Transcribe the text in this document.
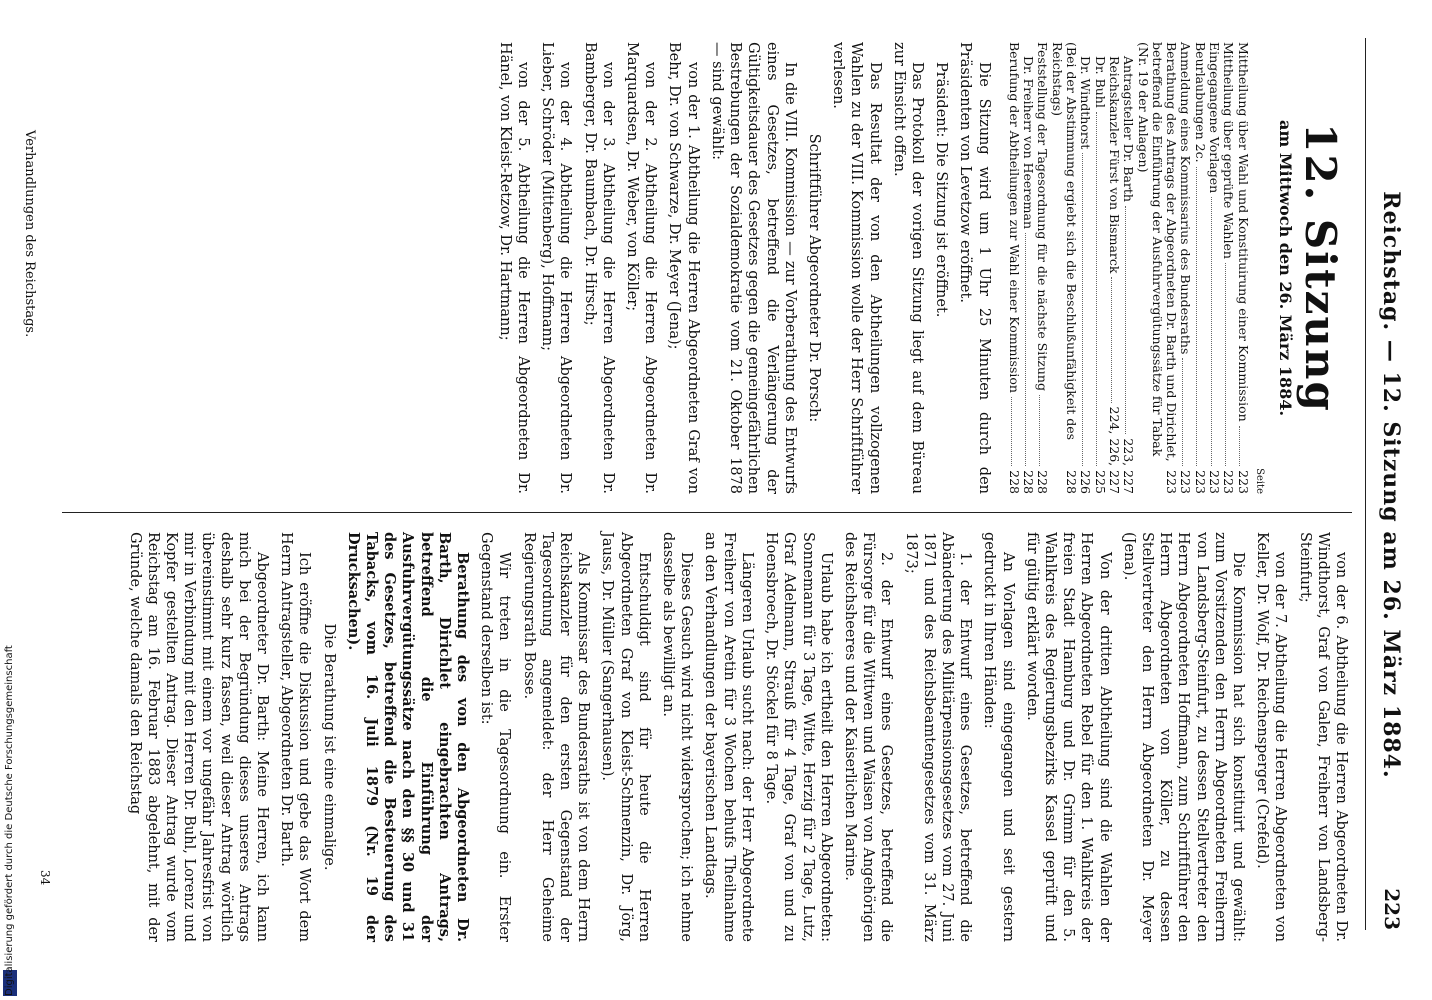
Digitalisierung gefördert durch die Deutsche Forschungsgemeinschaft
Reichstag. — 12. Sitzung am 26. März 1884.
223
12. Sitzung
am Mittwoch den 26. März 1884.
Seite
Mittheilung über Wahl und Konstituirung einer Kommission
223
Mittheilung über geprüfte Wahlen
223
Eingegangene Vorlagen
223
Beurlaubungen 2c.
223
Anmeldung eines Kommissarius des Bundesraths
223
Berathung des Antrags der Abgeordneten Dr. Barth und Dirichlet, betreffend die Einführung der Ausfuhrvergütungssätze für Tabak (Nr. 19 der Anlagen)
223
Antragsteller Dr. Barth
223, 227
Reichskanzler Fürst von Bismarck
224, 226, 227
Dr. Buhl
225
Dr. Windthorst
226
(Bei der Abstimmung ergiebt sich die Beschlußunfähigkeit des Reichstags)
228
Feststellung der Tagesordnung für die nächste Sitzung
228
Dr. Freiherr von Heereman
228
Berufung der Abtheilungen zur Wahl einer Kommission
228

Die Sitzung wird um 1 Uhr 25 Minuten durch den Präsidenten von Levetzow eröffnet.

Präsident: Die Sitzung ist eröffnet.

Das Protokoll der vorigen Sitzung liegt auf dem Büreau zur Einsicht offen.

Das Resultat der von den Abtheilungen vollzogenen Wahlen zu der VIII. Kommission wolle der Herr Schriftführer verlesen.

Schriftführer Abgeordneter Dr. Porsch:

In die VIII. Kommission — zur Vorberathung des Entwurfs eines Gesetzes, betreffend die Verlängerung der Gültigkeitsdauer des Gesetzes gegen die gemeingefährlichen Bestrebungen der Sozialdemokratie vom 21. Oktober 1878 — sind gewählt:

von der 1. Abtheilung die Herren Abgeordneten Graf von Behr, Dr. von Schwarze, Dr. Meyer (Jena);

von der 2. Abtheilung die Herren Abgeordneten Dr. Marquardsen, Dr. Weber, von Köller;

von der 3. Abtheilung die Herren Abgeordneten Dr. Bamberger, Dr. Baumbach, Dr. Hirsch;

von der 4. Abtheilung die Herren Abgeordneten Dr. Lieber, Schröder (Mittenberg), Hoffmann;

von der 5. Abtheilung die Herren Abgeordneten Dr. Hänel, von Kleist-Retzow, Dr. Hartmann;

von der 6. Abtheilung die Herren Abgeordneten Dr. Windthorst, Graf von Galen, Freiherr von Landsberg-Steinfurt;

von der 7. Abtheilung die Herren Abgeordneten von Keller, Dr. Wolf, Dr. Reichensperger (Crefeld).

Die Kommission hat sich konstituirt und gewählt: zum Vorsitzenden den Herrn Abgeordneten Freiherrn von Landsberg-Steinfurt, zu dessen Stellvertreter den Herrn Abgeordneten Hoffmann, zum Schriftführer den Herrn Abgeordneten von Köller, zu dessen Stellvertreter den Herrn Abgeordneten Dr. Meyer (Jena).

Von der dritten Abtheilung sind die Wahlen der Herren Abgeordneten Rebel für den 1. Wahlkreis der freien Stadt Hamburg und Dr. Grimm für den 5. Wahlkreis des Regierungsbezirks Kassel geprüft und für gültig erklärt worden.

An Vorlagen sind eingegangen und seit gestern gedruckt in Ihren Händen:

1. der Entwurf eines Gesetzes, betreffend die Abänderung des Militärpensionsgesetzes vom 27. Juni 1871 und des Reichsbeamtengesetzes vom 31. März 1873;

2. der Entwurf eines Gesetzes, betreffend die Fürsorge für die Wittwen und Waisen von Angehörigen des Reichsheeres und der Kaiserlichen Marine.

Urlaub habe ich ertheilt den Herren Abgeordneten: Sonnemann für 3 Tage, Witte, Herzig für 2 Tage, Lutz, Graf Adelmann, Strauß für 4 Tage, Graf von und zu Hoensbroech, Dr. Stöckel für 8 Tage.

Längeren Urlaub sucht nach: der Herr Abgeordnete Freiherr von Aretin für 3 Wochen behufs Theilnahme an den Verhandlungen der bayerischen Landtags.

Dieses Gesuch wird nicht widersprochen; ich nehme dasselbe als bewilligt an.

Entschuldigt sind für heute die Herren Abgeordneten Graf von Kleist-Schmenzin, Dr. Jörg, Jauss, Dr. Müller (Sangerhausen).

Als Kommissar des Bundesraths ist von dem Herrn Reichskanzler für den ersten Gegenstand der Tagesordnung angemeldet: der Herr Geheime Regierungsrath Bosse.

Wir treten in die Tagesordnung ein. Erster Gegenstand derselben ist:

Berathung des von den Abgeordneten Dr. Barth, Dirichlet eingebrachten Antrags, betreffend die Einführung der Ausfuhrvergütungssätze nach den §§ 30 und 31 des Gesetzes, betreffend die Besteuerung des Tabacks, vom 16. Juli 1879 (Nr. 19 der Drucksachen).

Die Berathung ist eine einmalige.

Ich eröffne die Diskussion und gebe das Wort dem Herrn Antragsteller, Abgeordneten Dr. Barth.

Abgeordneter Dr. Barth: Meine Herren, ich kann mich bei der Begründung dieses unseres Antrags deshalb sehr kurz fassen, weil dieser Antrag wörtlich übereinstimmt mit einem vor ungefähr Jahresfrist von mir in Verbindung mit den Herren Dr. Buhl, Lorenz und Kopfer gestellten Antrag. Dieser Antrag wurde vom Reichstag am 16. Februar 1883 abgelehnt, mit der Gründe, welche damals den Reichstag

Verhandlungen des Reichstags.
34
